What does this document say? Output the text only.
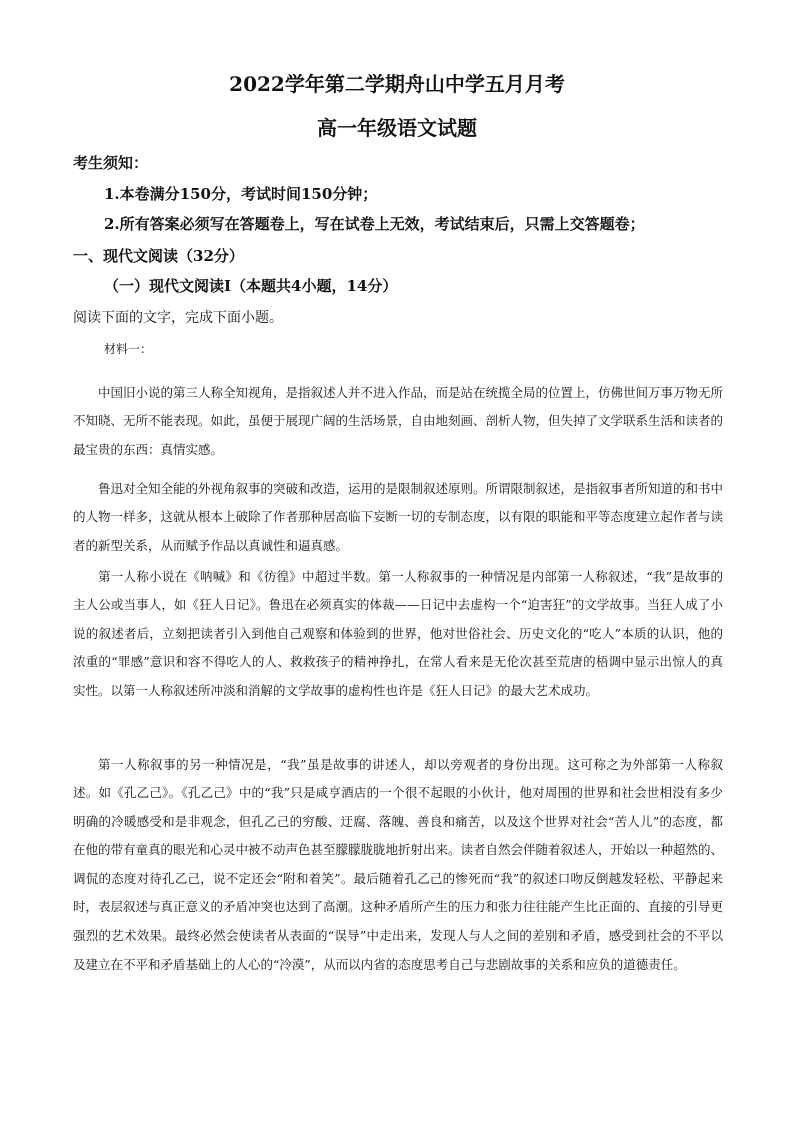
2022学年第二学期舟山中学五月月考
高一年级语文试题
考生须知：
1.本卷满分150分，考试时间150分钟；
2.所有答案必须写在答题卷上，写在试卷上无效，考试结束后，只需上交答题卷；
一、现代文阅读（32分）
（一）现代文阅读Ⅰ（本题共4小题，14分）
阅读下面的文字，完成下面小题。
材料一：

中国旧小说的第三人称全知视角，是指叙述人并不进入作品，而是站在统揽全局的位置上，仿佛世间万事万物无所不知晓、无所不能表现。如此，虽便于展现广阔的生活场景，自由地刻画、剖析人物，但失掉了文学联系生活和读者的最宝贵的东西：真情实感。

鲁迅对全知全能的外视角叙事的突破和改造，运用的是限制叙述原则。所谓限制叙述，是指叙事者所知道的和书中的人物一样多，这就从根本上破除了作者那种居高临下妄断一切的专制态度，以有限的职能和平等态度建立起作者与读者的新型关系，从而赋予作品以真诚性和逼真感。

第一人称小说在《呐喊》和《彷徨》中超过半数。第一人称叙事的一种情况是内部第一人称叙述，“我”是故事的主人公或当事人，如《狂人日记》。鲁迅在必须真实的体裁——日记中去虚构一个“迫害狂”的文学故事。当狂人成了小说的叙述者后，立刻把读者引入到他自己观察和体验到的世界，他对世俗社会、历史文化的“吃人”本质的认识，他的浓重的“罪感”意识和容不得吃人的人、救救孩子的精神挣扎，在常人看来是无伦次甚至荒唐的梧调中显示出惊人的真实性。以第一人称叙述所冲淡和消解的文学故事的虚构性也许是《狂人日记》的最大艺术成功。

第一人称叙事的另一种情况是，“我”虽是故事的讲述人，却以旁观者的身份出现。这可称之为外部第一人称叙述。如《孔乙己》。《孔乙己》中的“我”只是咸亨酒店的一个很不起眼的小伙计，他对周围的世界和社会世相没有多少明确的冷暖感受和是非观念，但孔乙己的穷酸、迂腐、落魄、善良和痛苦，以及这个世界对社会“苦人儿”的态度，都在他的带有童真的眼光和心灵中被不动声色甚至朦朦胧胧地折射出来。读者自然会伴随着叙述人，开始以一种超然的、调侃的态度对待孔乙己，说不定还会“附和着笑”。最后随着孔乙己的惨死而“我”的叙述口吻反倒越发轻松、平静起来时，表层叙述与真正意义的矛盾冲突也达到了高潮。这种矛盾所产生的压力和张力往往能产生比正面的、直接的引导更强烈的艺术效果。最终必然会使读者从表面的“误导”中走出来，发现人与人之间的差别和矛盾，感受到社会的不平以及建立在不平和矛盾基础上的人心的“冷漠”，从而以内省的态度思考自己与悲剧故事的关系和应负的道德责任。
